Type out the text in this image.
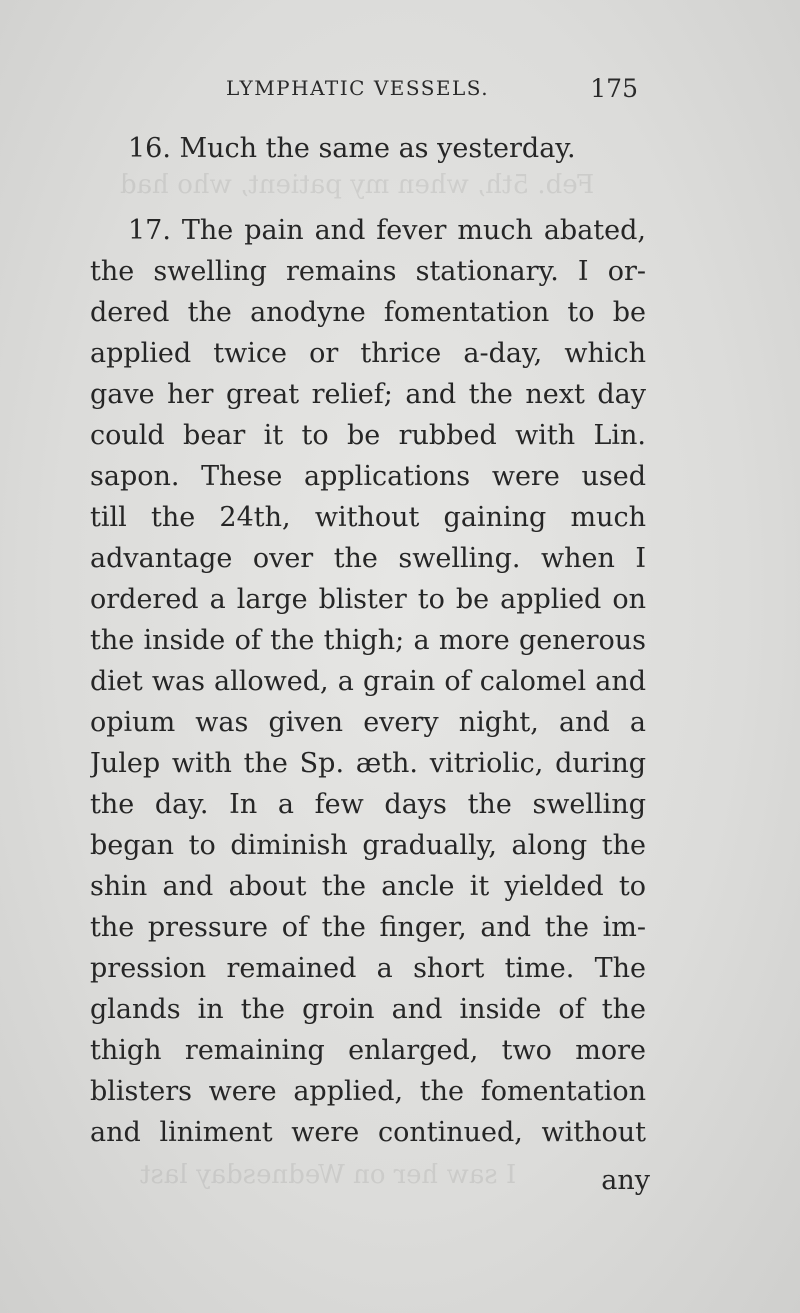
Feb. 5th, when my patient, who had
I saw her on Wednesday last
LYMPHATIC VESSELS.	175
16. Much the same as yesterday.
17. The pain and fever much abated,
the swelling remains stationary. I or-
dered the anodyne fomentation to be
applied twice or thrice a-day, which
gave her great relief; and the next day
could bear it to be rubbed with Lin.
sapon. These applications were used
till the 24th, without gaining much
advantage over the swelling. when I
ordered a large blister to be applied on
the inside of the thigh; a more generous
diet was allowed, a grain of calomel and
opium was given every night, and a
Julep with the Sp. æth. vitriolic, during
the day. In a few days the swelling
began to diminish gradually, along the
shin and about the ancle it yielded to
the pressure of the finger, and the im-
pression remained a short time. The
glands in the groin and inside of the
thigh remaining enlarged, two more
blisters were applied, the fomentation
and liniment were continued, without
any
